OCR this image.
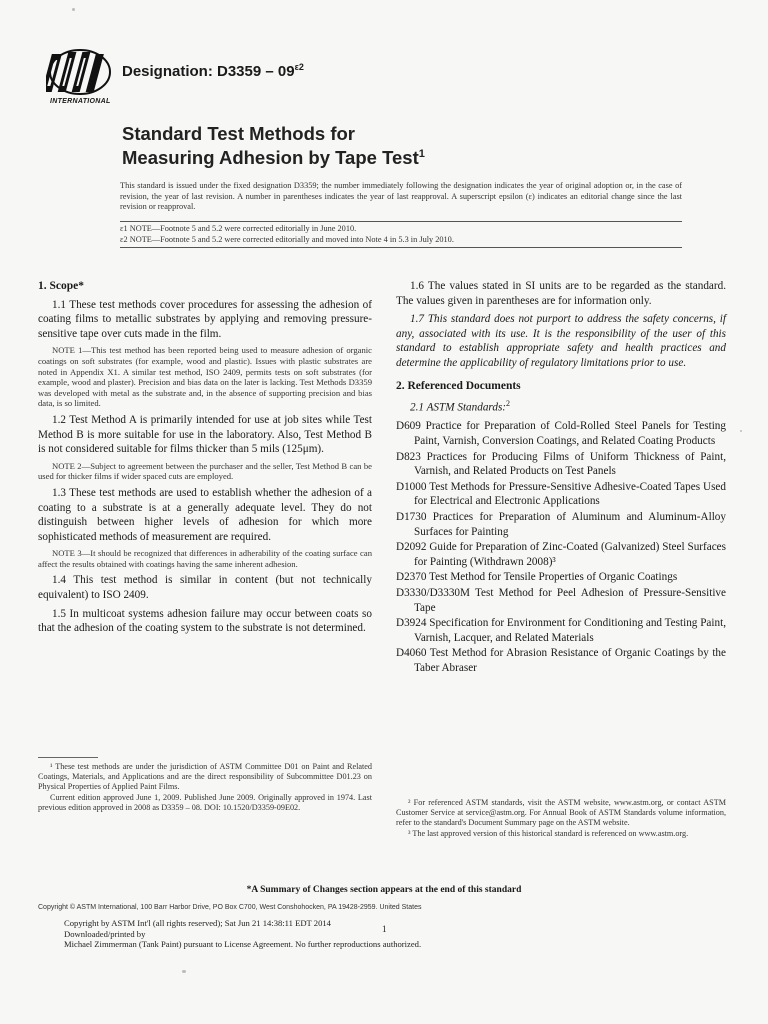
INTERNATIONAL
Designation: $D3359 - 09^{\varepsilon 2}$
Standard Test Methods for
Measuring Adhesion by Tape Test$^1$
This standard is issued under the fixed designation D3359; the number immediately following the designation indicates the year of original adoption or, in the case of revision, the year of last revision. A number in parentheses indicates the year of last reapproval. A superscript epsilon (ε) indicates an editorial change since the last revision or reapproval.
ε1 NOTE—Footnote 5 and 5.2 were corrected editorially in June 2010.
ε2 NOTE—Footnote 5 and 5.2 were corrected editorially and moved into Note 4 in 5.3 in July 2010.
1. Scope*
1.1 These test methods cover procedures for assessing the adhesion of coating films to metallic substrates by applying and removing pressure-sensitive tape over cuts made in the film.
NOTE 1—This test method has been reported being used to measure adhesion of organic coatings on soft substrates (for example, wood and plastic). Issues with plastic substrates are noted in Appendix X1. A similar test method, ISO 2409, permits tests on soft substrates (for example, wood and plaster). Precision and bias data on the later is lacking. Test Methods D3359 was developed with metal as the substrate and, in the absence of supporting precision and bias data, is so limited.
1.2 Test Method A is primarily intended for use at job sites while Test Method B is more suitable for use in the laboratory. Also, Test Method B is not considered suitable for films thicker than 5 mils (125μm).
NOTE 2—Subject to agreement between the purchaser and the seller, Test Method B can be used for thicker films if wider spaced cuts are employed.
1.3 These test methods are used to establish whether the adhesion of a coating to a substrate is at a generally adequate level. They do not distinguish between higher levels of adhesion for which more sophisticated methods of measurement are required.
NOTE 3—It should be recognized that differences in adherability of the coating surface can affect the results obtained with coatings having the same inherent adhesion.
1.4 This test method is similar in content (but not technically equivalent) to ISO 2409.
1.5 In multicoat systems adhesion failure may occur between coats so that the adhesion of the coating system to the substrate is not determined.
1.6 The values stated in SI units are to be regarded as the standard. The values given in parentheses are for information only.
1.7 This standard does not purport to address the safety concerns, if any, associated with its use. It is the responsibility of the user of this standard to establish appropriate safety and health practices and determine the applicability of regulatory limitations prior to use.
2. Referenced Documents
2.1 ASTM Standards:$^2$
D609 Practice for Preparation of Cold-Rolled Steel Panels for Testing Paint, Varnish, Conversion Coatings, and Related Coating Products
D823 Practices for Producing Films of Uniform Thickness of Paint, Varnish, and Related Products on Test Panels
D1000 Test Methods for Pressure-Sensitive Adhesive-Coated Tapes Used for Electrical and Electronic Applications
D1730 Practices for Preparation of Aluminum and Aluminum-Alloy Surfaces for Painting
D2092 Guide for Preparation of Zinc-Coated (Galvanized) Steel Surfaces for Painting (Withdrawn 2008)³
D2370 Test Method for Tensile Properties of Organic Coatings
D3330/D3330M Test Method for Peel Adhesion of Pressure-Sensitive Tape
D3924 Specification for Environment for Conditioning and Testing Paint, Varnish, Lacquer, and Related Materials
D4060 Test Method for Abrasion Resistance of Organic Coatings by the Taber Abraser
¹ These test methods are under the jurisdiction of ASTM Committee D01 on Paint and Related Coatings, Materials, and Applications and are the direct responsibility of Subcommittee D01.23 on Physical Properties of Applied Paint Films.
Current edition approved June 1, 2009. Published June 2009. Originally approved in 1974. Last previous edition approved in 2008 as D3359 – 08. DOI: 10.1520/D3359-09E02.
² For referenced ASTM standards, visit the ASTM website, www.astm.org, or contact ASTM Customer Service at service@astm.org. For Annual Book of ASTM Standards volume information, refer to the standard's Document Summary page on the ASTM website.
³ The last approved version of this historical standard is referenced on www.astm.org.
*A Summary of Changes section appears at the end of this standard
Copyright © ASTM International, 100 Barr Harbor Drive, PO Box C700, West Conshohocken, PA 19428-2959. United States
Copyright by ASTM Int'l (all rights reserved); Sat Jun 21 14:38:11 EDT 2014
Downloaded/printed by
Michael Zimmerman (Tank Paint) pursuant to License Agreement. No further reproductions authorized.
1
